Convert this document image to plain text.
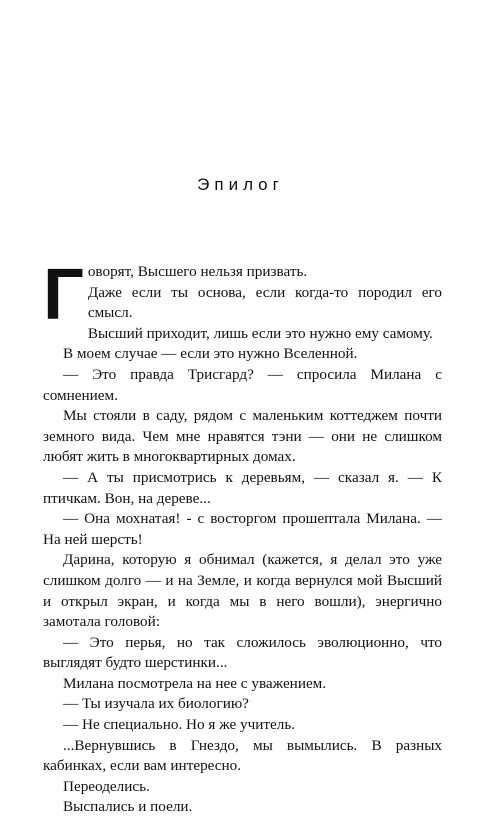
Эпилог
Г оворят, Высшего нельзя призвать.

Даже если ты основа, если когда-то породил его смысл.

Высший приходит, лишь если это нужно ему самому.

В моем случае — если это нужно Вселенной.

— Это правда Трисгард? — спросила Милана с сомнением.

Мы стояли в саду, рядом с маленьким коттеджем почти земного вида. Чем мне нравятся тэни — они не слишком любят жить в многоквартирных домах.

— А ты присмотрись к деревьям, — сказал я. — К птичкам. Вон, на дереве...

— Она мохнатая! - с восторгом прошептала Милана. — На ней шерсть!

Дарина, которую я обнимал (кажется, я делал это уже слишком долго — и на Земле, и когда вернулся мой Высший и открыл экран, и когда мы в него вошли), энергично замотала головой:

— Это перья, но так сложилось эволюционно, что выглядят будто шерстинки...

Милана посмотрела на нее с уважением.

— Ты изучала их биологию?

— Не специально. Но я же учитель.

...Вернувшись в Гнездо, мы вымылись. В разных кабинках, если вам интересно.

Переоделись.

Выспались и поели.
